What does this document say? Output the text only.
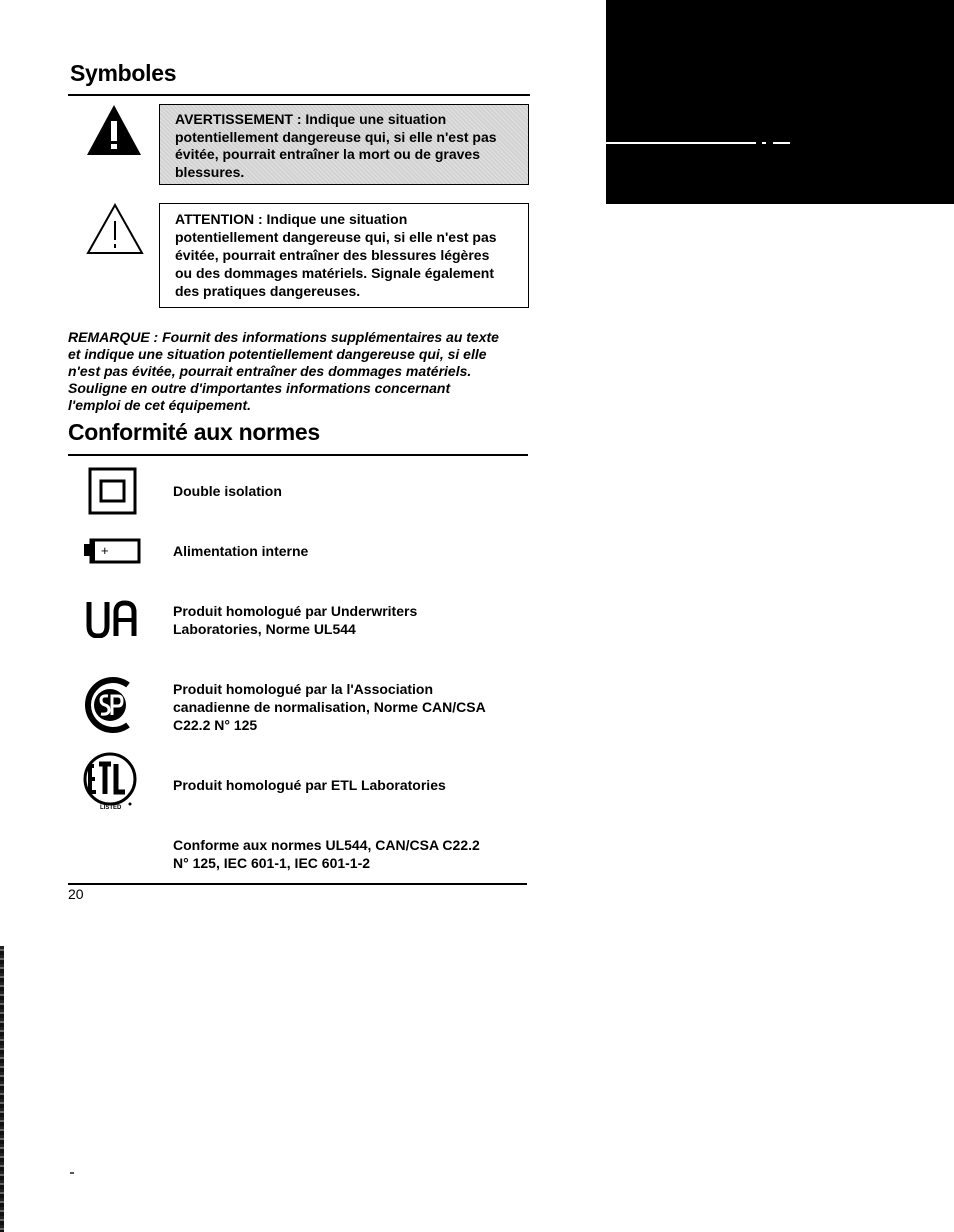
Symboles
AVERTISSEMENT : Indique une situation
potentiellement dangereuse qui, si elle n'est pas
évitée, pourrait entraîner la mort ou de graves
blessures.
ATTENTION : Indique une situation
potentiellement dangereuse qui, si elle n'est pas
évitée, pourrait entraîner des blessures légères
ou des dommages matériels. Signale également
des pratiques dangereuses.
REMARQUE : Fournit des informations supplémentaires au texte
et indique une situation potentiellement dangereuse qui, si elle
n'est pas évitée, pourrait entraîner des dommages matériels.
Souligne en outre d'importantes informations concernant
l'emploi de cet équipement.
Conformité aux normes
Double isolation
+	Alimentation interne
Produit homologué par Underwriters
Laboratories, Norme UL544
Produit homologué par la l'Association
canadienne de normalisation, Norme CAN/CSA
C22.2 N° 125
LISTED
Produit homologué par ETL Laboratories
Conforme aux normes UL544, CAN/CSA C22.2
N° 125, IEC 601-1, IEC 601-1-2
20
